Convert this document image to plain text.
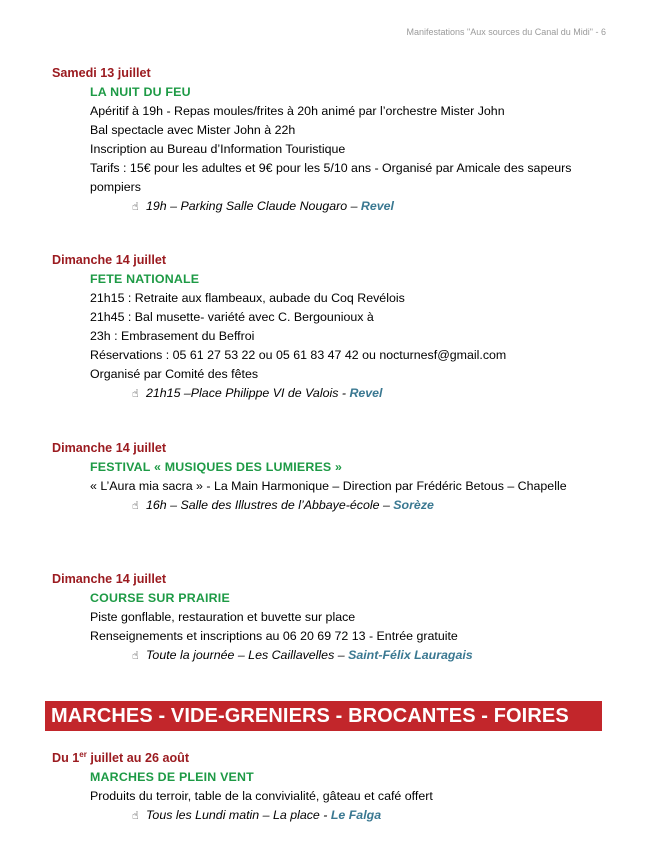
Manifestations "Aux sources du Canal du Midi" - 6
Samedi 13 juillet
LA NUIT DU FEU
Apéritif à 19h - Repas moules/frites à 20h animé par l’orchestre Mister John
Bal spectacle avec Mister John à 22h
Inscription au Bureau d’Information Touristique
Tarifs : 15€ pour les adultes et 9€ pour les 5/10 ans - Organisé par Amicale des sapeurs pompiers
☝ 19h – Parking Salle Claude Nougaro – Revel
Dimanche 14 juillet
FETE NATIONALE
21h15 : Retraite aux flambeaux, aubade du Coq Revélois
21h45 : Bal musette- variété avec C. Bergounioux à
23h : Embrasement du Beffroi
Réservations : 05 61 27 53 22 ou 05 61 83 47 42 ou nocturnesf@gmail.com
Organisé par Comité des fêtes
☝ 21h15 –Place Philippe VI de Valois - Revel
Dimanche 14 juillet
FESTIVAL « MUSIQUES DES LUMIERES »
« L’Aura mia sacra » - La Main Harmonique – Direction par Frédéric Betous – Chapelle
☝ 16h – Salle des Illustres de l’Abbaye-école – Sorèze
Dimanche 14 juillet
COURSE SUR PRAIRIE
Piste gonflable, restauration et buvette sur place
Renseignements et inscriptions au 06 20 69 72 13 - Entrée gratuite
☝ Toute la journée – Les Caillavelles – Saint-Félix Lauragais
MARCHES - VIDE-GRENIERS - BROCANTES - FOIRES
Du 1er juillet au 26 août
MARCHES DE PLEIN VENT
Produits du terroir, table de la convivialité, gâteau et café offert
☝ Tous les Lundi matin – La place - Le Falga
